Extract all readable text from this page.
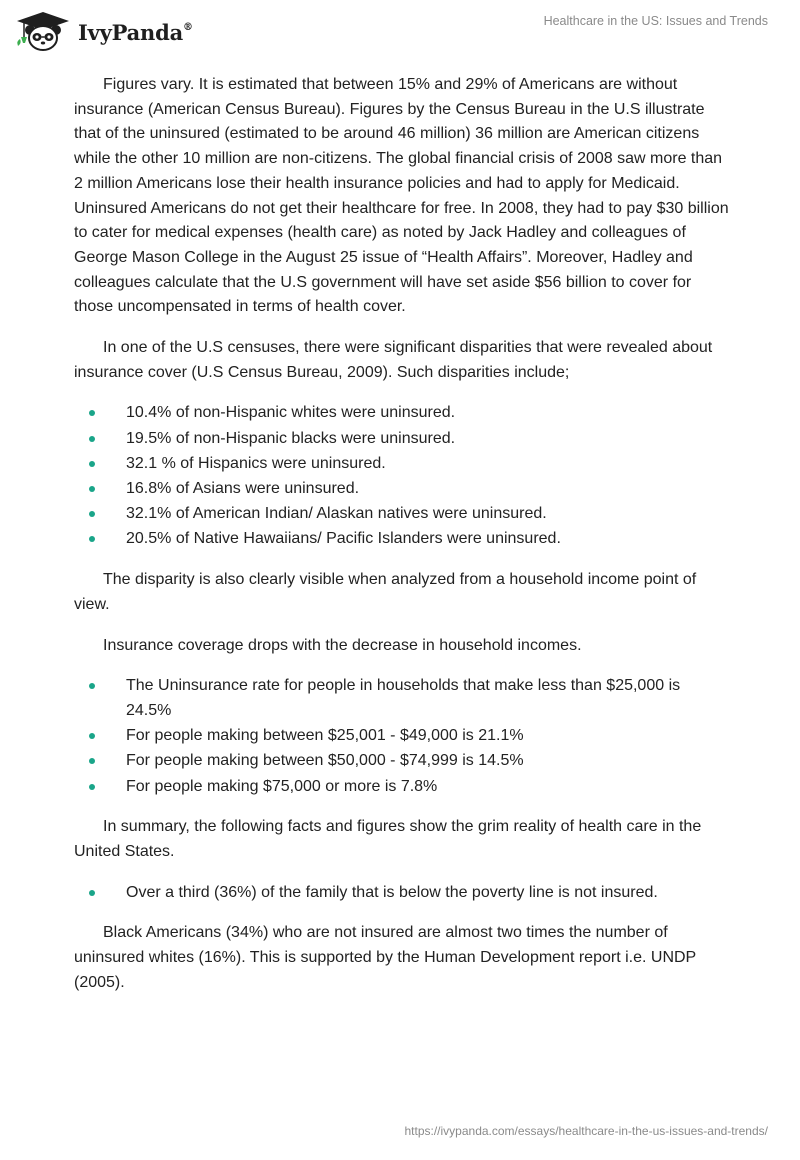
IvyPanda®	Healthcare in the US: Issues and Trends

Figures vary. It is estimated that between 15% and 29% of Americans are without insurance (American Census Bureau). Figures by the Census Bureau in the U.S illustrate that of the uninsured (estimated to be around 46 million) 36 million are American citizens while the other 10 million are non-citizens. The global financial crisis of 2008 saw more than 2 million Americans lose their health insurance policies and had to apply for Medicaid. Uninsured Americans do not get their healthcare for free. In 2008, they had to pay $30 billion to cater for medical expenses (health care) as noted by Jack Hadley and colleagues of George Mason College in the August 25 issue of “Health Affairs”. Moreover, Hadley and colleagues calculate that the U.S government will have set aside $56 billion to cover for those uncompensated in terms of health cover.

In one of the U.S censuses, there were significant disparities that were revealed about insurance cover (U.S Census Bureau, 2009). Such disparities include;

10.4% of non-Hispanic whites were uninsured.
19.5% of non-Hispanic blacks were uninsured.
32.1 % of Hispanics were uninsured.
16.8% of Asians were uninsured.
32.1% of American Indian/ Alaskan natives were uninsured.
20.5% of Native Hawaiians/ Pacific Islanders were uninsured.

The disparity is also clearly visible when analyzed from a household income point of view.

Insurance coverage drops with the decrease in household incomes.

The Uninsurance rate for people in households that make less than $25,000 is 24.5%
For people making between $25,001 - $49,000 is 21.1%
For people making between $50,000 - $74,999 is 14.5%
For people making $75,000 or more is 7.8%

In summary, the following facts and figures show the grim reality of health care in the United States.

Over a third (36%) of the family that is below the poverty line is not insured.

Black Americans (34%) who are not insured are almost two times the number of uninsured whites (16%). This is supported by the Human Development report i.e. UNDP (2005).

https://ivypanda.com/essays/healthcare-in-the-us-issues-and-trends/
